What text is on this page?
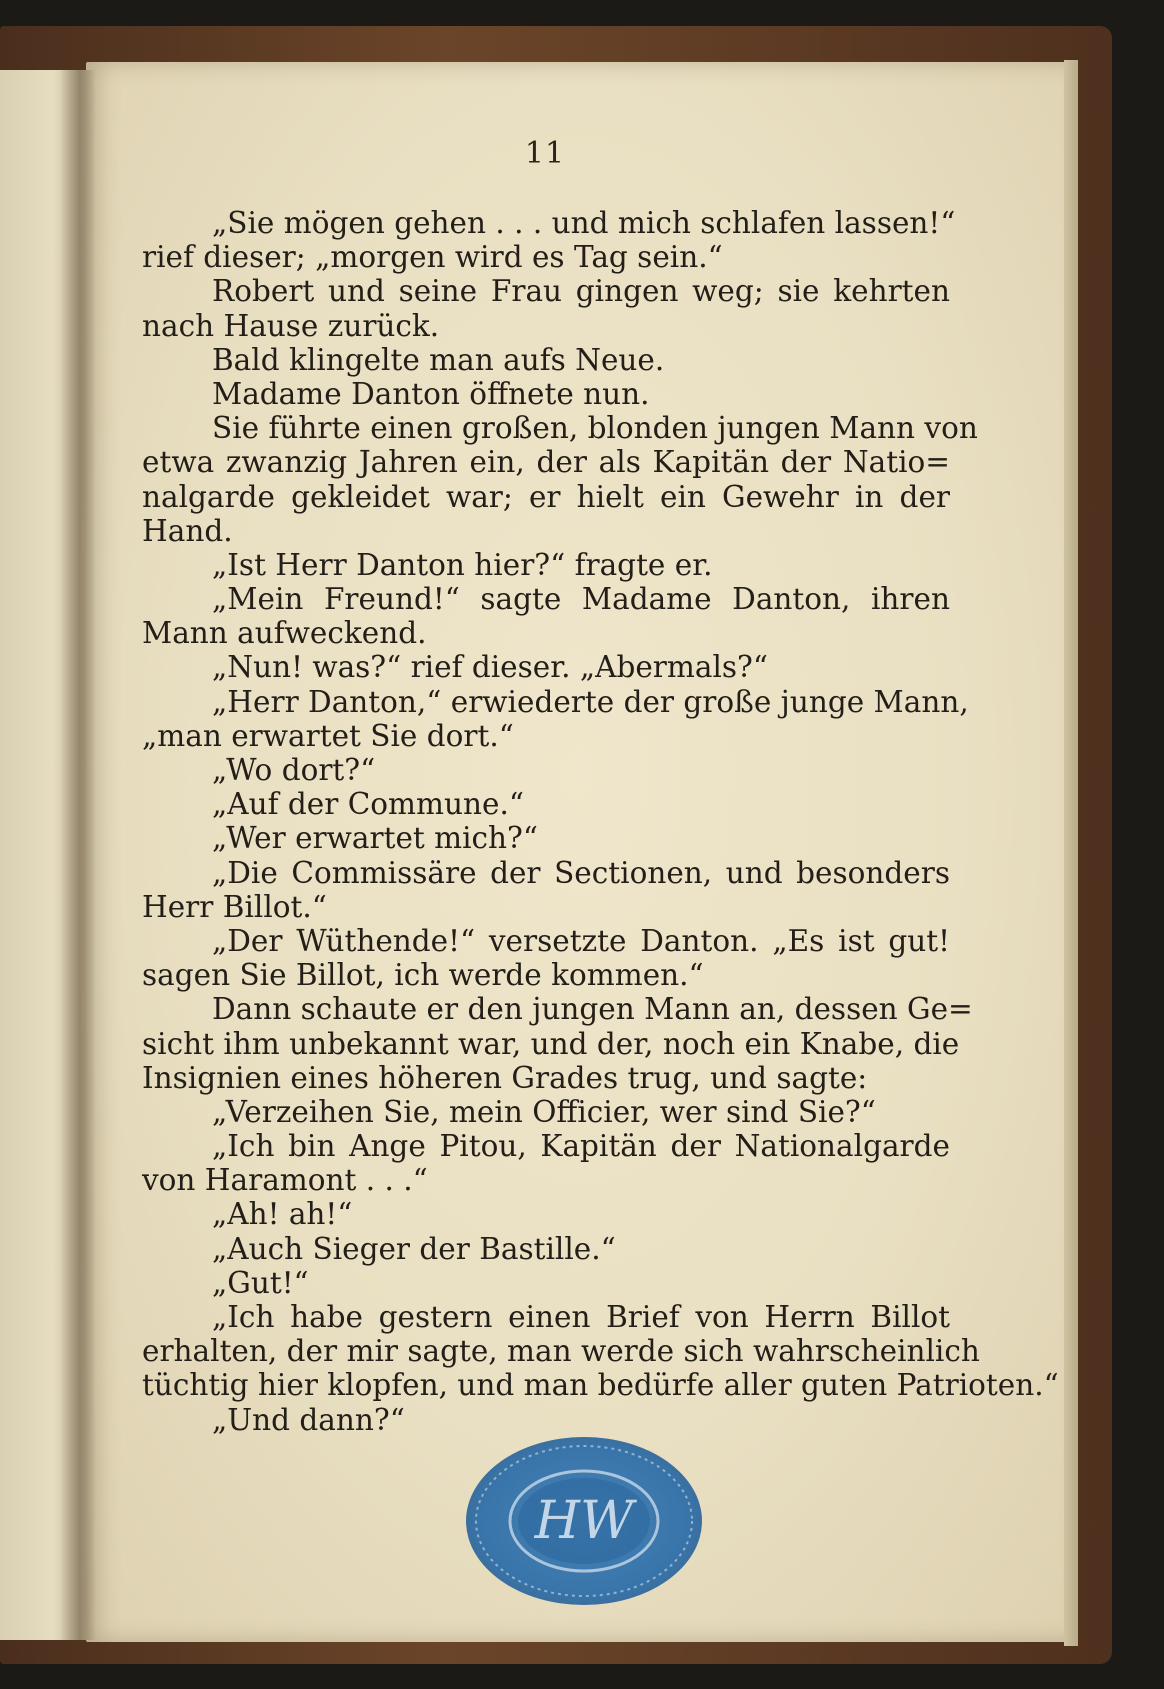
11
„Sie mögen gehen . . . und mich schlafen lassen!“
rief dieser; „morgen wird es Tag sein.“
Robert und seine Frau gingen weg; sie kehrten
nach Hause zurück.
Bald klingelte man aufs Neue.
Madame Danton öffnete nun.
Sie führte einen großen, blonden jungen Mann von
etwa zwanzig Jahren ein, der als Kapitän der Natio=
nalgarde gekleidet war; er hielt ein Gewehr in der
Hand.
„Ist Herr Danton hier?“ fragte er.
„Mein Freund!“ sagte Madame Danton, ihren
Mann aufweckend.
„Nun! was?“ rief dieser. „Abermals?“
„Herr Danton,“ erwiederte der große junge Mann,
„man erwartet Sie dort.“
„Wo dort?“
„Auf der Commune.“
„Wer erwartet mich?“
„Die Commissäre der Sectionen, und besonders
Herr Billot.“
„Der Wüthende!“ versetzte Danton. „Es ist gut!
sagen Sie Billot, ich werde kommen.“
Dann schaute er den jungen Mann an, dessen Ge=
sicht ihm unbekannt war, und der, noch ein Knabe, die
Insignien eines höheren Grades trug, und sagte:
„Verzeihen Sie, mein Officier, wer sind Sie?“
„Ich bin Ange Pitou, Kapitän der Nationalgarde
von Haramont . . .“
„Ah! ah!“
„Auch Sieger der Bastille.“
„Gut!“
„Ich habe gestern einen Brief von Herrn Billot
erhalten, der mir sagte, man werde sich wahrscheinlich
tüchtig hier klopfen, und man bedürfe aller guten Patrioten.“
„Und dann?“
HW
